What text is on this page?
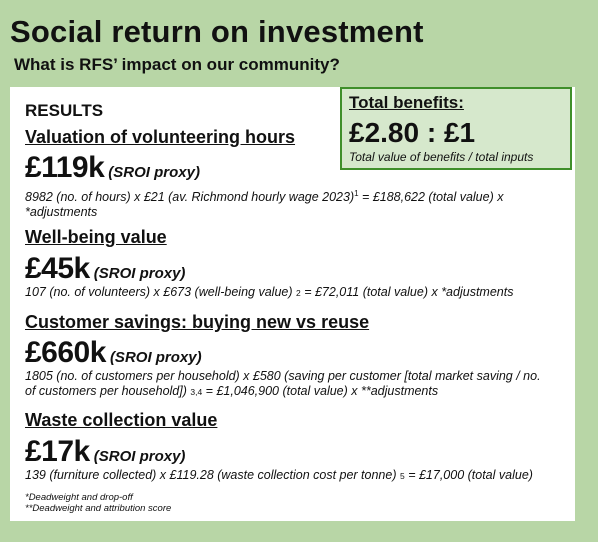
Social return on investment
What is RFS’ impact on our community?
RESULTS	Total benefits:
£2.80 : £1
Total value of benefits / total inputs
Valuation of volunteering hours
£119k (SROI proxy)
8982 (no. of hours) x £21 (av. Richmond hourly wage 2023)$^1$ = £188,622 (total value) x *adjustments
Well-being value
£45k (SROI proxy)
107 (no. of volunteers) x £673 (well-being value) 2 = £72,011 (total value) x *adjustments
Customer savings: buying new vs reuse
£660k (SROI proxy)
1805 (no. of customers per household) x £580 (saving per customer [total market saving / no. of customers per household]) 3,4 = £1,046,900 (total value) x **adjustments
Waste collection value
£17k (SROI proxy)
139 (furniture collected) x £119.28 (waste collection cost per tonne) 5 = £17,000 (total value)
*Deadweight and drop-off
**Deadweight and attribution score
